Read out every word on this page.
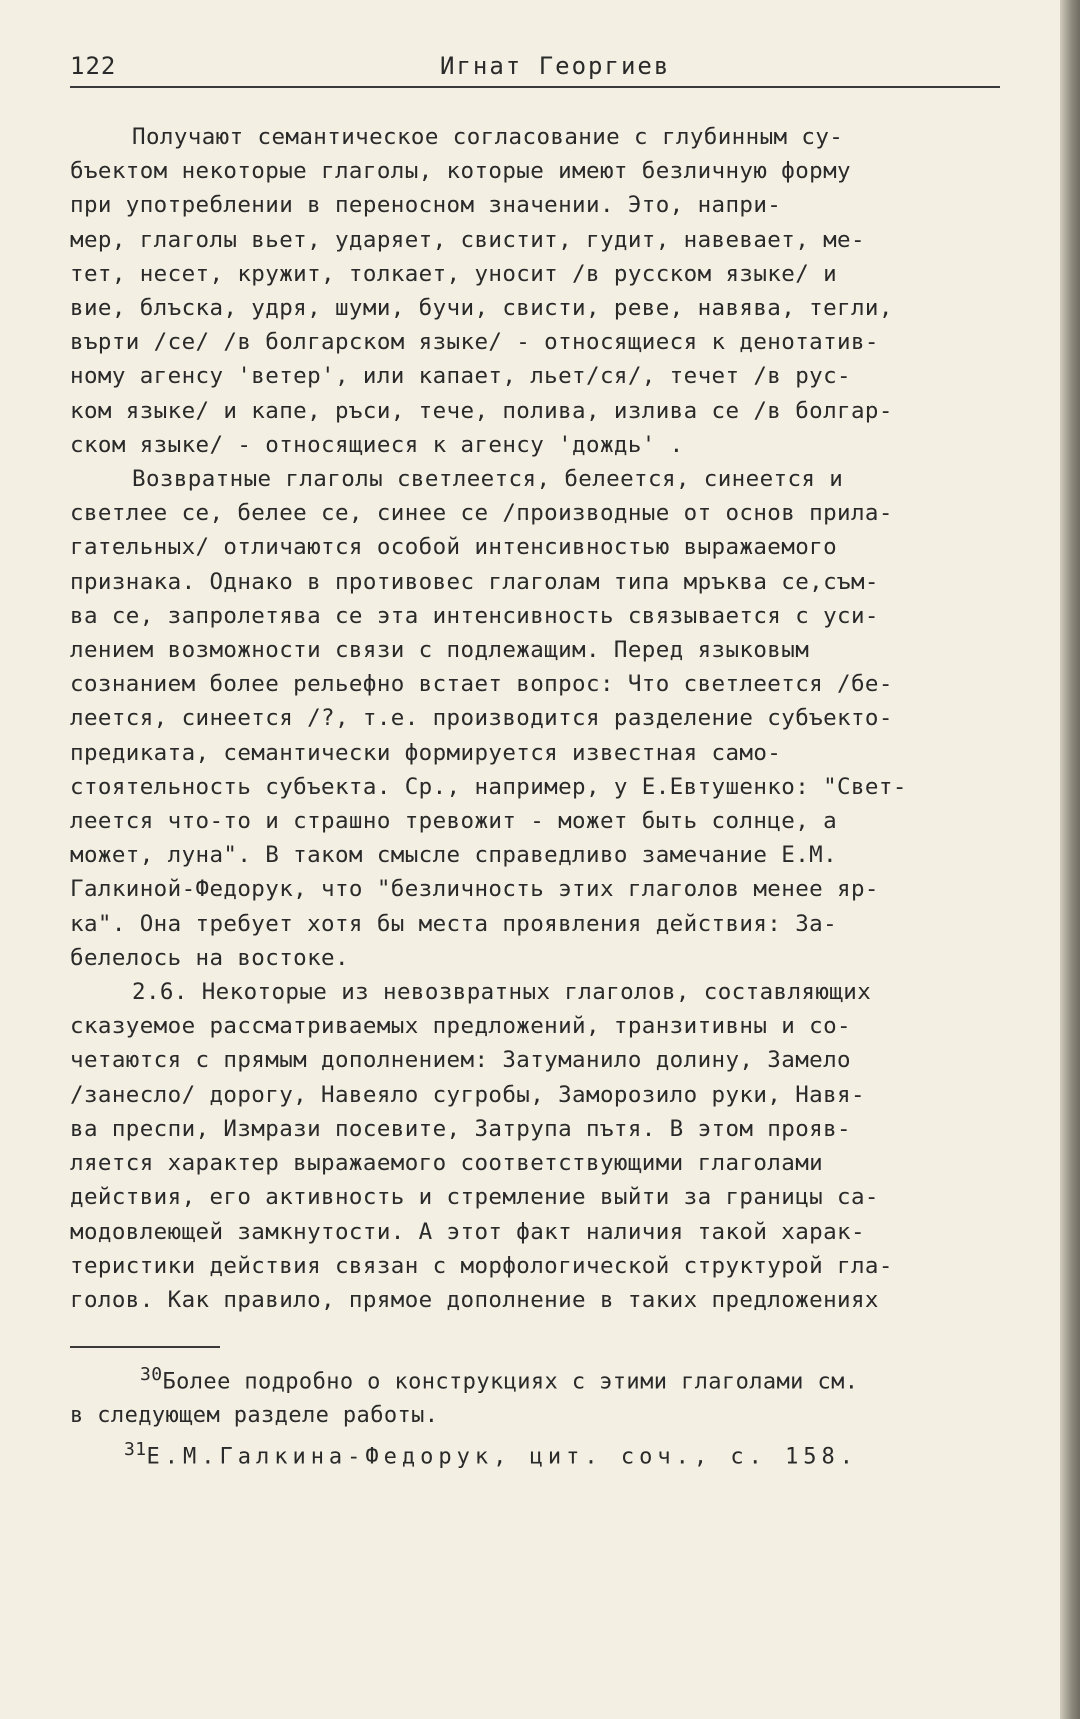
122	Игнат Георгиев
Получают семантическое согласование с глубинным су-
бъектом некоторые глаголы, которые имеют безличную форму
при употреблении в переносном значении. Это, напри-
мер, глаголы вьет, ударяет, свистит, гудит, навевает, ме-
тет, несет, кружит, толкает, уносит /в русском языке/ и
вие, блъска, удря, шуми, бучи, свисти, реве, навява, тегли,
върти /се/ /в болгарском языке/ - относящиеся к денотатив-
ному агенсу 'ветер', или капает, льет/ся/, течет /в рус-
ком языке/ и капе, ръси, тече, полива, излива се /в болгар-
ском языке/ - относящиеся к агенсу 'дождь' .
Возвратные глаголы светлеется, белеется, синеется и
светлее се, белее се, синее се /производные от основ прила-
гательных/ отличаются особой интенсивностью выражаемого
признака. Однако в противовес глаголам типа мръква се,съм-
ва се, запролетява се эта интенсивность связывается с уси-
лением возможности связи с подлежащим. Перед языковым
сознанием более рельефно встает вопрос: Что светлеется /бе-
леется, синеется /?, т.е. производится разделение субъекто-
предиката, семантически формируется известная само-
стоятельность субъекта. Ср., например, у Е.Евтушенко: "Свет-
леется что-то и страшно тревожит - может быть солнце, а
может, луна". В таком смысле справедливо замечание Е.М.
Галкиной-Федорук, что "безличность этих глаголов менее яр-
ка". Она требует хотя бы места проявления действия: За-
белелось на востоке.
2.6. Некоторые из невозвратных глаголов, составляющих
сказуемое рассматриваемых предложений, транзитивны и со-
четаются с прямым дополнением: Затуманило долину, Замело
/занесло/ дорогу, Навеяло сугробы, Заморозило руки, Навя-
ва преспи, Измрази посевите, Затрупа пътя. В этом прояв-
ляется характер выражаемого соответствующими глаголами
действия, его активность и стремление выйти за границы са-
модовлеющей замкнутости. А этот факт наличия такой харак-
теристики действия связан с морфологической структурой гла-
голов. Как правило, прямое дополнение в таких предложениях
$^{30}$Более подробно о конструкциях с этими глаголами см.
в следующем разделе работы.
$^{31}$Е.М.Галкина-Федорук, цит. соч., с. 158.
